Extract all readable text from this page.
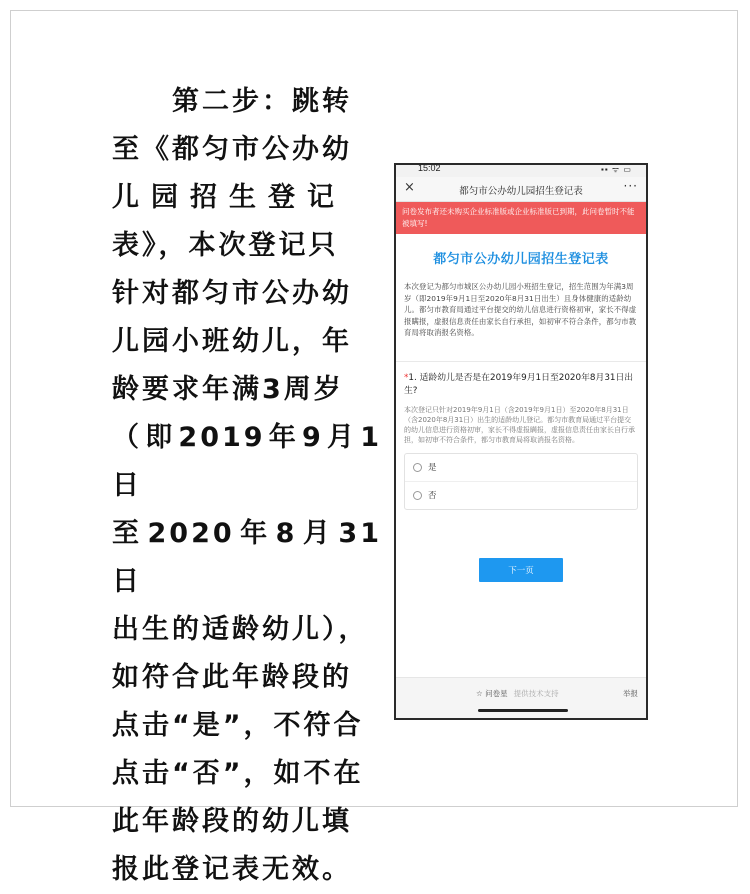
第二步：跳转
至《都匀市公办幼
儿园招生登记
表》，本次登记只
针对都匀市公办幼
儿园小班幼儿，年
龄要求年满3周岁
（即2019年9月1日
至2020年8月31日
出生的适龄幼儿），
如符合此年龄段的
点击“是”，不符合
点击“否”，如不在
此年龄段的幼儿填
报此登记表无效。
15:02	▪▪ ᯤ ▭
×	都匀市公办幼儿园招生登记表	···
问卷发布者还未购买企业标准版或企业标准版已到期，此问卷暂时不能被填写!
都匀市公办幼儿园招生登记表
本次登记为都匀市城区公办幼儿园小班招生登记，招生范围为年满3周岁（即2019年9月1日至2020年8月31日出生）且身体健康的适龄幼儿。都匀市教育局通过平台提交的幼儿信息进行资格初审，家长不得虚报瞒报，虚报信息责任由家长自行承担，如初审不符合条件，都匀市教育局将取消报名资格。
*1. 适龄幼儿是否是在2019年9月1日至2020年8月31日出生?
本次登记只针对2019年9月1日（含2019年9月1日）至2020年8月31日（含2020年8月31日）出生的适龄幼儿登记。都匀市教育局通过平台提交的幼儿信息进行资格初审，家长不得虚报瞒报，虚报信息责任由家长自行承担，如初审不符合条件，都匀市教育局将取消报名资格。
是
否
下一页
☆ 问卷星 提供技术支持	举报
